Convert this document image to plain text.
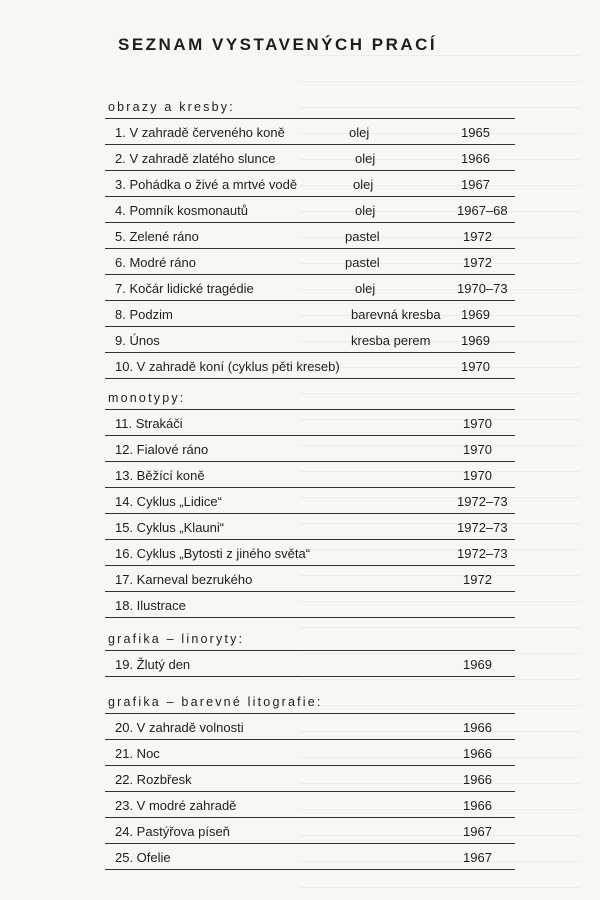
SEZNAM VYSTAVENÝCH PRACÍ
obrazy a kresby:
1. V zahradě červeného koně	olej	1965
2. V zahradě zlatého slunce	olej	1966
3. Pohádka o živé a mrtvé vodě	olej	1967
4. Pomník kosmonautů	olej	1967–68
5. Zelené ráno	pastel	1972
6. Modré ráno	pastel	1972
7. Kočár lidické tragédie	olej	1970–73
8. Podzim	barevná kresba 1969
9. Únos	kresba perem 1969
10. V zahradě koní (cyklus pěti kreseb)	1970
monotypy:
11. Strakáči	1970
12. Fialové ráno	1970
13. Běžící koně	1970
14. Cyklus „Lidice“	1972–73
15. Cyklus „Klauni“	1972–73
16. Cyklus „Bytosti z jiného světa“	1972–73
17. Karneval bezrukého	1972
18. Ilustrace
grafika – linoryty:
19. Žlutý den	1969
grafika – barevné litografie:
20. V zahradě volnosti	1966
21. Noc	1966
22. Rozbřesk	1966
23. V modré zahradě	1966
24. Pastýřova píseň	1967
25. Ofelie	1967
